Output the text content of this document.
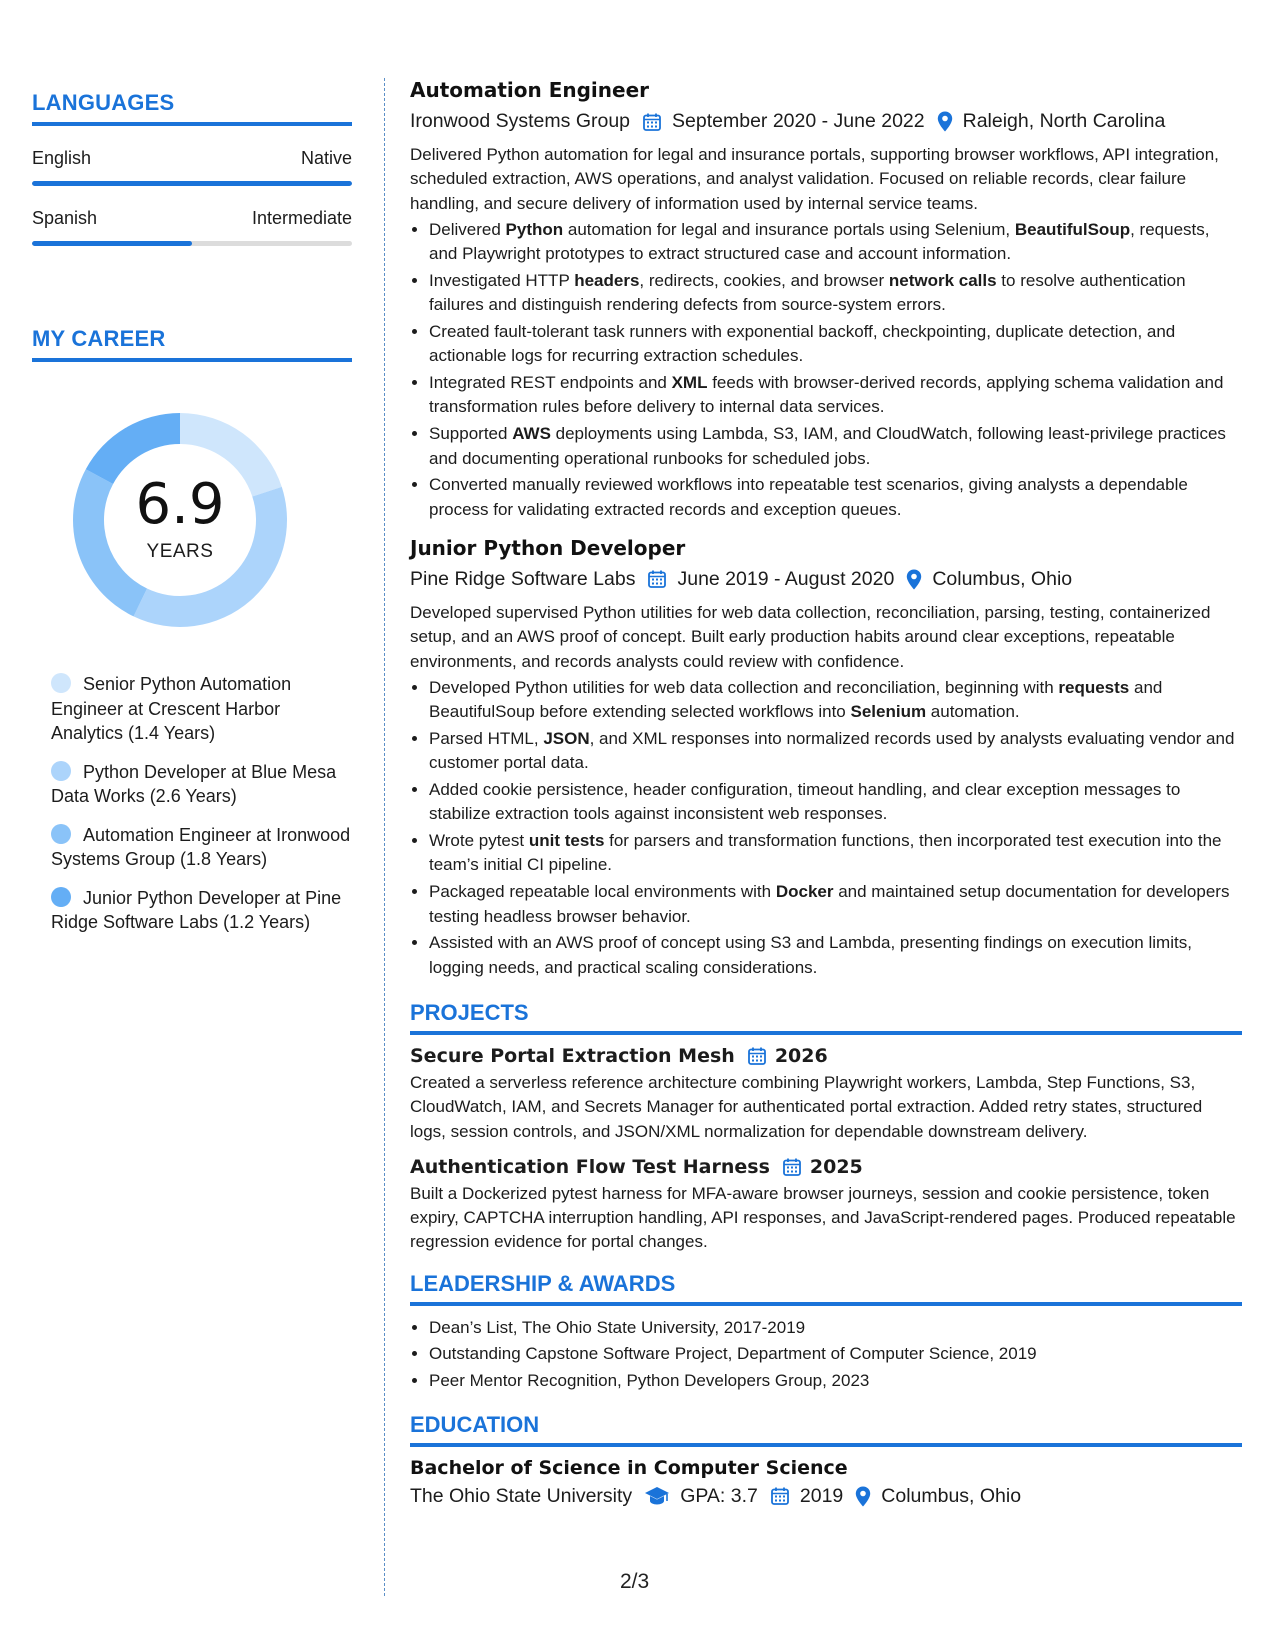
LANGUAGES
English	Native
Spanish	Intermediate
MY CAREER
6.9
YEARS
Senior Python Automation Engineer at Crescent Harbor Analytics (1.4 Years)
Python Developer at Blue Mesa Data Works (2.6 Years)
Automation Engineer at Ironwood Systems Group (1.8 Years)
Junior Python Developer at Pine Ridge Software Labs (1.2 Years)
Automation Engineer
Ironwood Systems Group September 2020 - June 2022 Raleigh, North Carolina

Delivered Python automation for legal and insurance portals, supporting browser workflows, API integration, scheduled extraction, AWS operations, and analyst validation. Focused on reliable records, clear failure handling, and secure delivery of information used by internal service teams.

• Delivered Python automation for legal and insurance portals using Selenium, BeautifulSoup, requests, and Playwright prototypes to extract structured case and account information.
• Investigated HTTP headers, redirects, cookies, and browser network calls to resolve authentication failures and distinguish rendering defects from source-system errors.
• Created fault-tolerant task runners with exponential backoff, checkpointing, duplicate detection, and actionable logs for recurring extraction schedules.
• Integrated REST endpoints and XML feeds with browser-derived records, applying schema validation and transformation rules before delivery to internal data services.
• Supported AWS deployments using Lambda, S3, IAM, and CloudWatch, following least-privilege practices and documenting operational runbooks for scheduled jobs.
• Converted manually reviewed workflows into repeatable test scenarios, giving analysts a dependable process for validating extracted records and exception queues.
Junior Python Developer
Pine Ridge Software Labs June 2019 - August 2020 Columbus, Ohio

Developed supervised Python utilities for web data collection, reconciliation, parsing, testing, containerized setup, and an AWS proof of concept. Built early production habits around clear exceptions, repeatable environments, and records analysts could review with confidence.

• Developed Python utilities for web data collection and reconciliation, beginning with requests and BeautifulSoup before extending selected workflows into Selenium automation.
• Parsed HTML, JSON, and XML responses into normalized records used by analysts evaluating vendor and customer portal data.
• Added cookie persistence, header configuration, timeout handling, and clear exception messages to stabilize extraction tools against inconsistent web responses.
• Wrote pytest unit tests for parsers and transformation functions, then incorporated test execution into the team’s initial CI pipeline.
• Packaged repeatable local environments with Docker and maintained setup documentation for developers testing headless browser behavior.
• Assisted with an AWS proof of concept using S3 and Lambda, presenting findings on execution limits, logging needs, and practical scaling considerations.
PROJECTS
Secure Portal Extraction Mesh 2026

Created a serverless reference architecture combining Playwright workers, Lambda, Step Functions, S3, CloudWatch, IAM, and Secrets Manager for authenticated portal extraction. Added retry states, structured logs, session controls, and JSON/XML normalization for dependable downstream delivery.

Authentication Flow Test Harness 2025

Built a Dockerized pytest harness for MFA-aware browser journeys, session and cookie persistence, token expiry, CAPTCHA interruption handling, API responses, and JavaScript-rendered pages. Produced repeatable regression evidence for portal changes.

LEADERSHIP & AWARDS
• Dean’s List, The Ohio State University, 2017-2019
• Outstanding Capstone Software Project, Department of Computer Science, 2019
• Peer Mentor Recognition, Python Developers Group, 2023
EDUCATION
Bachelor of Science in Computer Science
The Ohio State University GPA: 3.7 2019 Columbus, Ohio
2/3
